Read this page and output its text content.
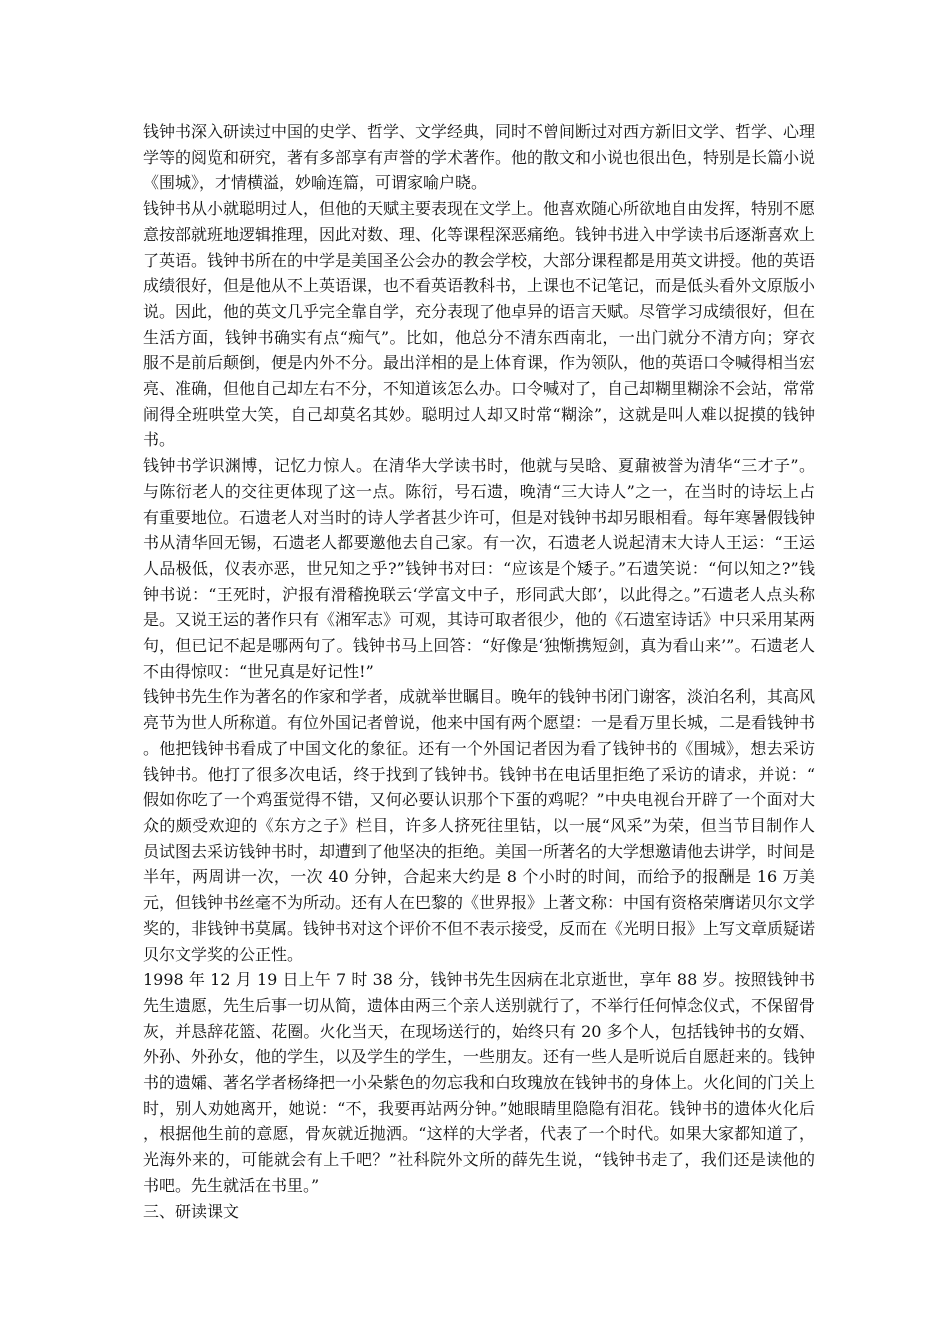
钱钟书深入研读过中国的史学、哲学、文学经典，同时不曾间断过对西方新旧文学、哲学、心理学等的阅览和研究，著有多部享有声誉的学术著作。他的散文和小说也很出色，特别是长篇小说《围城》，才情横溢，妙喻连篇，可谓家喻户晓。

钱钟书从小就聪明过人，但他的天赋主要表现在文学上。他喜欢随心所欲地自由发挥，特别不愿意按部就班地逻辑推理，因此对数、理、化等课程深恶痛绝。钱钟书进入中学读书后逐渐喜欢上了英语。钱钟书所在的中学是美国圣公会办的教会学校，大部分课程都是用英文讲授。他的英语成绩很好，但是他从不上英语课，也不看英语教科书，上课也不记笔记，而是低头看外文原版小说。因此，他的英文几乎完全靠自学，充分表现了他卓异的语言天赋。尽管学习成绩很好，但在生活方面，钱钟书确实有点“痴气”。比如，他总分不清东西南北，一出门就分不清方向；穿衣服不是前后颠倒，便是内外不分。最出洋相的是上体育课，作为领队，他的英语口令喊得相当宏亮、准确，但他自己却左右不分，不知道该怎么办。口令喊对了，自己却糊里糊涂不会站，常常闹得全班哄堂大笑，自己却莫名其妙。聪明过人却又时常“糊涂”，这就是叫人难以捉摸的钱钟书。

钱钟书学识渊博，记忆力惊人。在清华大学读书时，他就与吴晗、夏鼐被誉为清华“三才子”。与陈衍老人的交往更体现了这一点。陈衍，号石遗，晚清“三大诗人”之一，在当时的诗坛上占有重要地位。石遗老人对当时的诗人学者甚少许可，但是对钱钟书却另眼相看。每年寒暑假钱钟书从清华回无锡，石遗老人都要邀他去自己家。有一次，石遗老人说起清末大诗人王运：“王运人品极低，仪表亦恶，世兄知之乎?”钱钟书对曰：“应该是个矮子。”石遗笑说：“何以知之?”钱钟书说：“王死时，沪报有滑稽挽联云‘学富文中子，形同武大郎’，以此得之。”石遗老人点头称是。又说王运的著作只有《湘军志》可观，其诗可取者很少，他的《石遗室诗话》中只采用某两句，但已记不起是哪两句了。钱钟书马上回答：“好像是‘独惭携短剑，真为看山来’”。石遗老人不由得惊叹：“世兄真是好记性!”

钱钟书先生作为著名的作家和学者，成就举世瞩目。晚年的钱钟书闭门谢客，淡泊名利，其高风亮节为世人所称道。有位外国记者曾说，他来中国有两个愿望：一是看万里长城，二是看钱钟书。他把钱钟书看成了中国文化的象征。还有一个外国记者因为看了钱钟书的《围城》，想去采访钱钟书。他打了很多次电话，终于找到了钱钟书。钱钟书在电话里拒绝了采访的请求，并说：“假如你吃了一个鸡蛋觉得不错，又何必要认识那个下蛋的鸡呢？”中央电视台开辟了一个面对大众的颇受欢迎的《东方之子》栏目，许多人挤死往里钻，以一展“风采”为荣，但当节目制作人员试图去采访钱钟书时，却遭到了他坚决的拒绝。美国一所著名的大学想邀请他去讲学，时间是半年，两周讲一次，一次 40 分钟，合起来大约是 8 个小时的时间，而给予的报酬是 16 万美元，但钱钟书丝毫不为所动。还有人在巴黎的《世界报》上著文称：中国有资格荣膺诺贝尔文学奖的，非钱钟书莫属。钱钟书对这个评价不但不表示接受，反而在《光明日报》上写文章质疑诺贝尔文学奖的公正性。

1998 年 12 月 19 日上午 7 时 38 分，钱钟书先生因病在北京逝世，享年 88 岁。按照钱钟书先生遗愿，先生后事一切从简，遗体由两三个亲人送别就行了，不举行任何悼念仪式，不保留骨灰，并恳辞花篮、花圈。火化当天，在现场送行的，始终只有 20 多个人，包括钱钟书的女婿、外孙、外孙女，他的学生，以及学生的学生，一些朋友。还有一些人是听说后自愿赶来的。钱钟书的遗孀、著名学者杨绛把一小朵紫色的勿忘我和白玫瑰放在钱钟书的身体上。火化间的门关上时，别人劝她离开，她说：“不，我要再站两分钟。”她眼睛里隐隐有泪花。钱钟书的遗体火化后，根据他生前的意愿，骨灰就近抛洒。“这样的大学者，代表了一个时代。如果大家都知道了，光海外来的，可能就会有上千吧？”社科院外文所的薛先生说，“钱钟书走了，我们还是读他的书吧。先生就活在书里。”

三、研读课文
